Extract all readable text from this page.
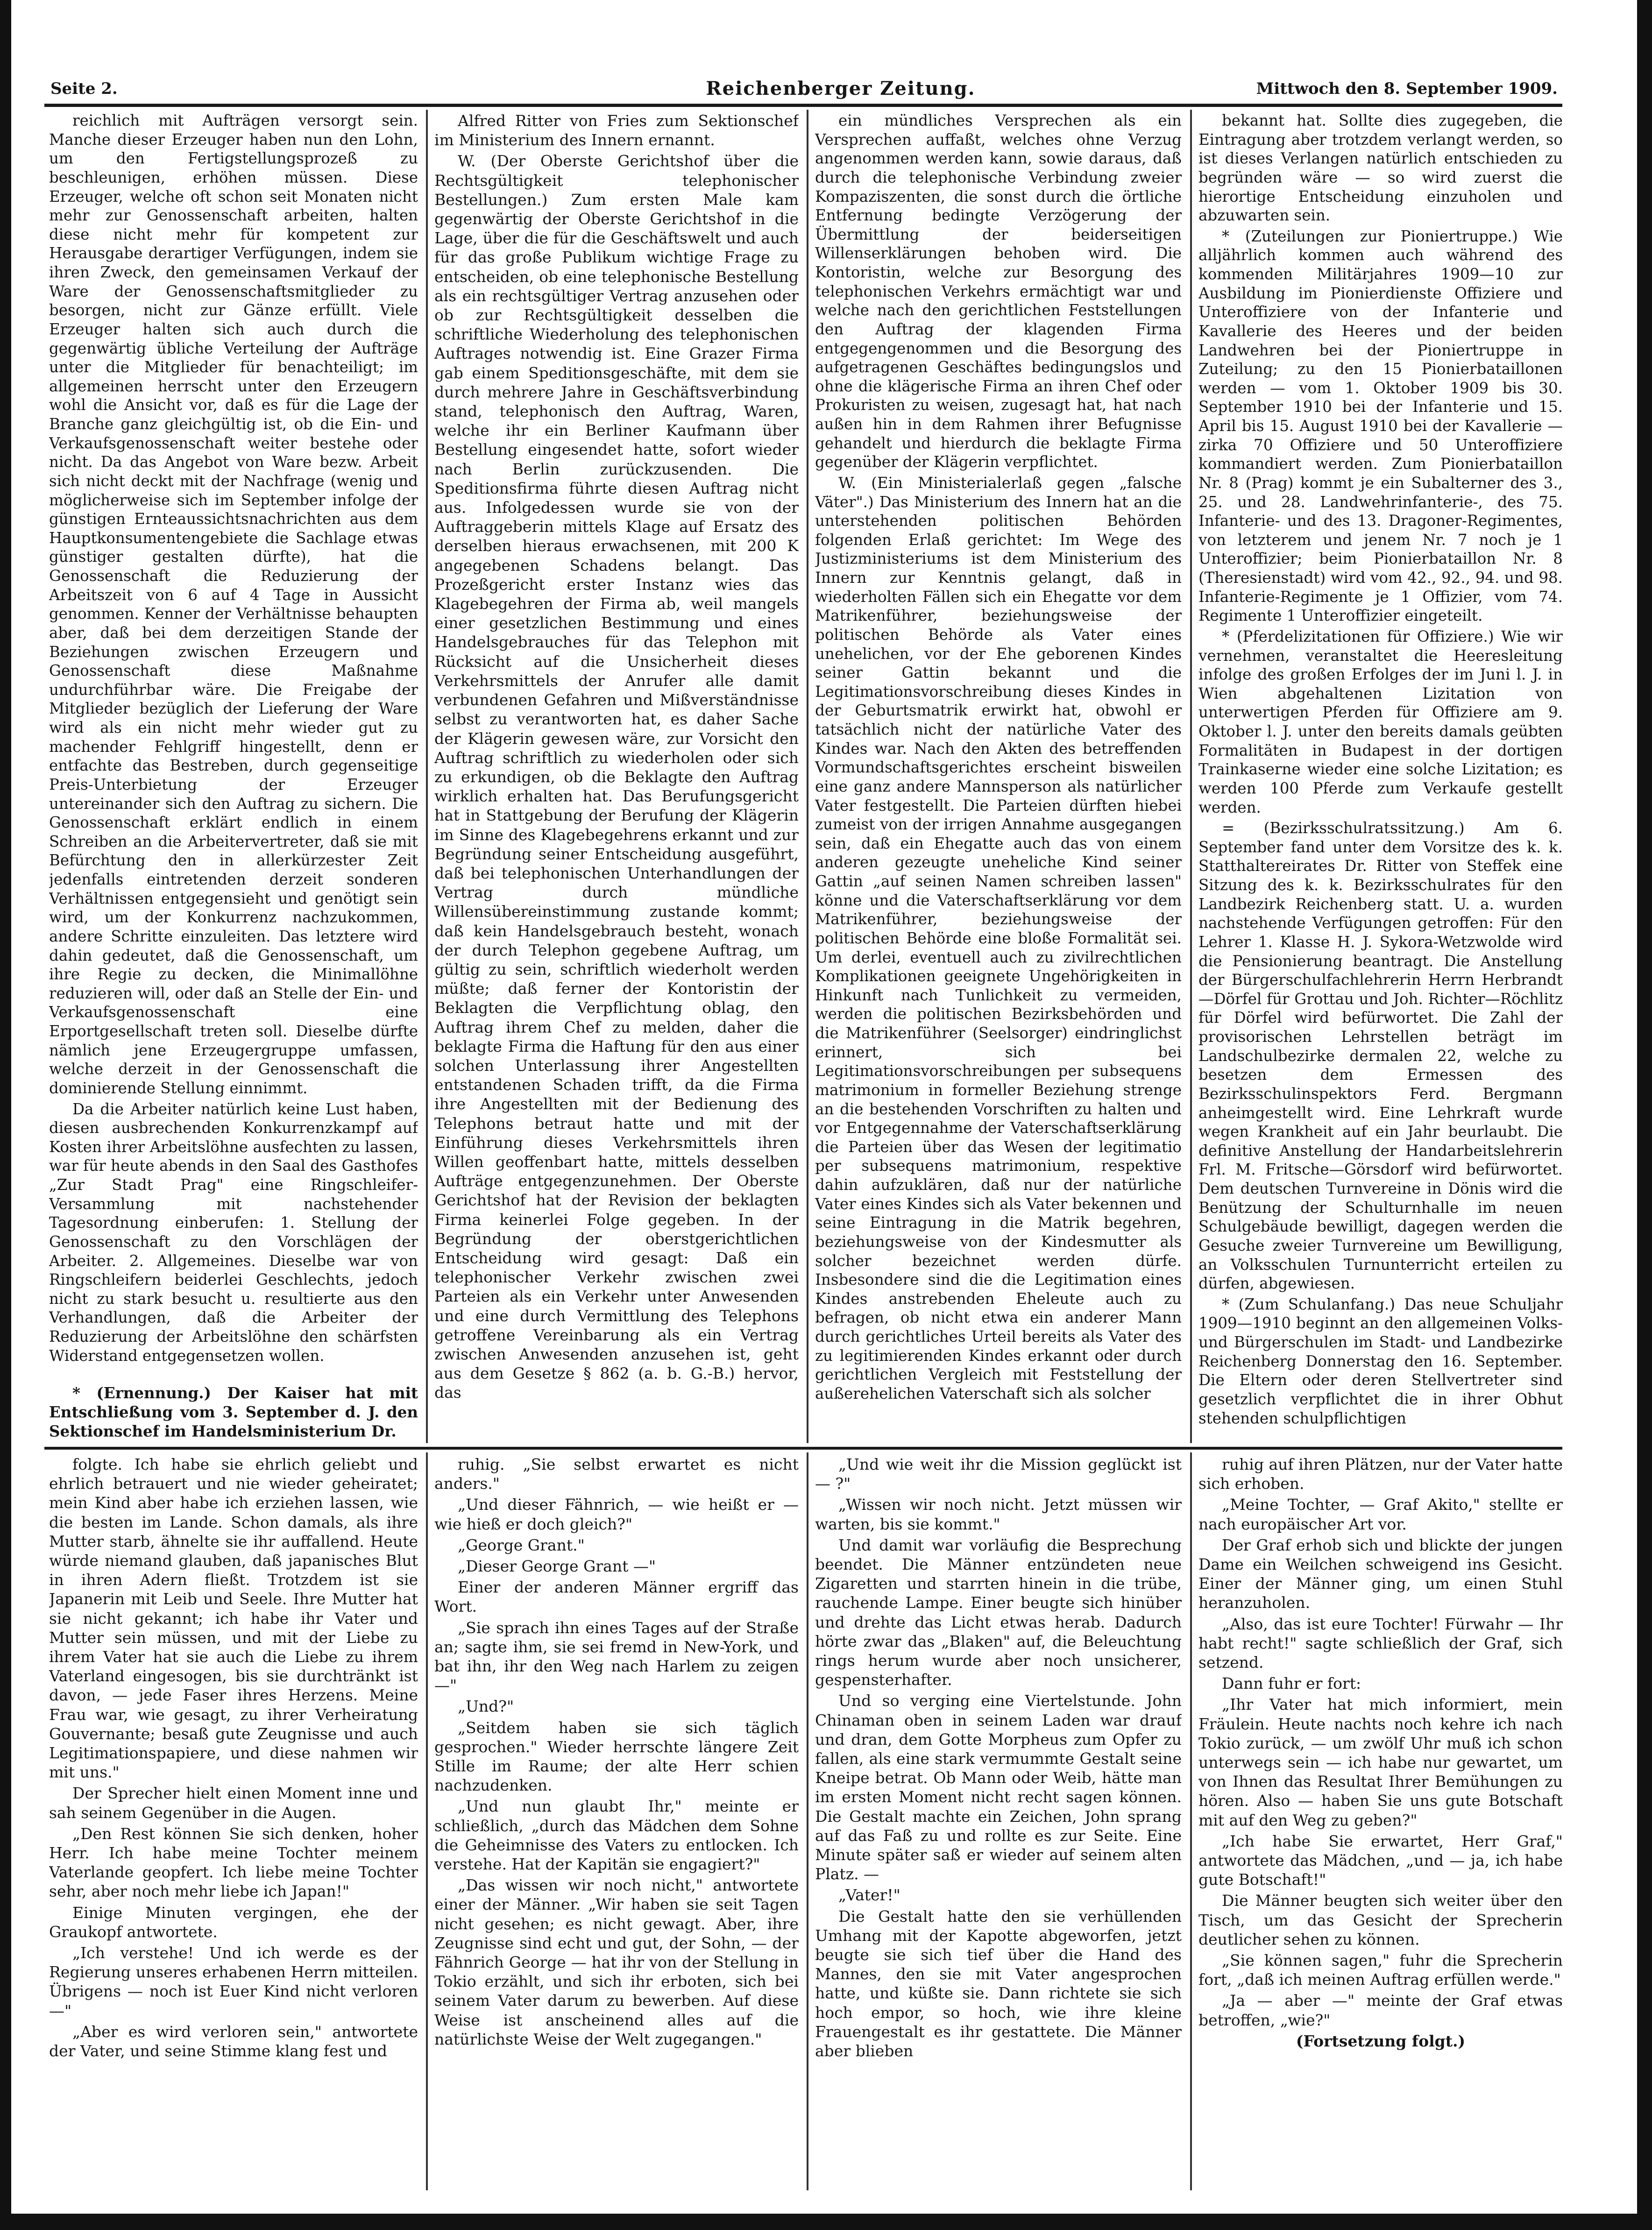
Seite 2.	Reichenberger Zeitung.	Mittwoch den 8. September 1909.

reichlich mit Aufträgen versorgt sein. Manche dieser Erzeuger haben nun den Lohn, um den Fertigstellungsprozeß zu beschleunigen, erhöhen müssen. Diese Erzeuger, welche oft schon seit Monaten nicht mehr zur Genossenschaft arbeiten, halten diese nicht mehr für kompetent zur Herausgabe derartiger Verfügungen, indem sie ihren Zweck, den gemeinsamen Verkauf der Ware der Genossenschaftsmitglieder zu besorgen, nicht zur Gänze erfüllt. Viele Erzeuger halten sich auch durch die gegenwärtig übliche Verteilung der Aufträge unter die Mitglieder für benachteiligt; im allgemeinen herrscht unter den Erzeugern wohl die Ansicht vor, daß es für die Lage der Branche ganz gleichgültig ist, ob die Ein- und Verkaufsgenossenschaft weiter bestehe oder nicht. Da das Angebot von Ware bezw. Arbeit sich nicht deckt mit der Nachfrage (wenig und möglicherweise sich im September infolge der günstigen Ernteaussichtsnachrichten aus dem Hauptkonsumentengebiete die Sachlage etwas günstiger gestalten dürfte), hat die Genossenschaft die Reduzierung der Arbeitszeit von 6 auf 4 Tage in Aussicht genommen. Kenner der Verhältnisse behaupten aber, daß bei dem derzeitigen Stande der Beziehungen zwischen Erzeugern und Genossenschaft diese Maßnahme undurchführbar wäre. Die Freigabe der Mitglieder bezüglich der Lieferung der Ware wird als ein nicht mehr wieder gut zu machender Fehlgriff hingestellt, denn er entfachte das Bestreben, durch gegenseitige Preis-Unterbietung der Erzeuger untereinander sich den Auftrag zu sichern. Die Genossenschaft erklärt endlich in einem Schreiben an die Arbeitervertreter, daß sie mit Befürchtung den in allerkürzester Zeit jedenfalls eintretenden derzeit sonderen Verhältnissen entgegensieht und genötigt sein wird, um der Konkurrenz nachzukommen, andere Schritte einzuleiten. Das letztere wird dahin gedeutet, daß die Genossenschaft, um ihre Regie zu decken, die Minimallöhne reduzieren will, oder daß an Stelle der Ein- und Verkaufsgenossenschaft eine Erportgesellschaft treten soll. Dieselbe dürfte nämlich jene Erzeugergruppe umfassen, welche derzeit in der Genossenschaft die dominierende Stellung einnimmt.

Da die Arbeiter natürlich keine Lust haben, diesen ausbrechenden Konkurrenzkampf auf Kosten ihrer Arbeitslöhne ausfechten zu lassen, war für heute abends in den Saal des Gasthofes „Zur Stadt Prag" eine Ringschleifer-Versammlung mit nachstehender Tagesordnung einberufen: 1. Stellung der Genossenschaft zu den Vorschlägen der Arbeiter. 2. Allgemeines. Dieselbe war von Ringschleifern beiderlei Geschlechts, jedoch nicht zu stark besucht u. resultierte aus den Verhandlungen, daß die Arbeiter der Reduzierung der Arbeitslöhne den schärfsten Widerstand entgegensetzen wollen.

* (Ernennung.) Der Kaiser hat mit Entschließung vom 3. September d. J. den Sektionschef im Handelsministerium Dr.

Alfred Ritter von Fries zum Sektionschef im Ministerium des Innern ernannt.

W. (Der Oberste Gerichtshof über die Rechtsgültigkeit telephonischer Bestellungen.) Zum ersten Male kam gegenwärtig der Oberste Gerichtshof in die Lage, über die für die Geschäftswelt und auch für das große Publikum wichtige Frage zu entscheiden, ob eine telephonische Bestellung als ein rechtsgültiger Vertrag anzusehen oder ob zur Rechtsgültigkeit desselben die schriftliche Wiederholung des telephonischen Auftrages notwendig ist. Eine Grazer Firma gab einem Speditionsgeschäfte, mit dem sie durch mehrere Jahre in Geschäftsverbindung stand, telephonisch den Auftrag, Waren, welche ihr ein Berliner Kaufmann über Bestellung eingesendet hatte, sofort wieder nach Berlin zurückzusenden. Die Speditionsfirma führte diesen Auftrag nicht aus. Infolgedessen wurde sie von der Auftraggeberin mittels Klage auf Ersatz des derselben hieraus erwachsenen, mit 200 K angegebenen Schadens belangt. Das Prozeßgericht erster Instanz wies das Klagebegehren der Firma ab, weil mangels einer gesetzlichen Bestimmung und eines Handelsgebrauches für das Telephon mit Rücksicht auf die Unsicherheit dieses Verkehrsmittels der Anrufer alle damit verbundenen Gefahren und Mißverständnisse selbst zu verantworten hat, es daher Sache der Klägerin gewesen wäre, zur Vorsicht den Auftrag schriftlich zu wiederholen oder sich zu erkundigen, ob die Beklagte den Auftrag wirklich erhalten hat. Das Berufungsgericht hat in Stattgebung der Berufung der Klägerin im Sinne des Klagebegehrens erkannt und zur Begründung seiner Entscheidung ausgeführt, daß bei telephonischen Unterhandlungen der Vertrag durch mündliche Willensübereinstimmung zustande kommt; daß kein Handelsgebrauch besteht, wonach der durch Telephon gegebene Auftrag, um gültig zu sein, schriftlich wiederholt werden müßte; daß ferner der Kontoristin der Beklagten die Verpflichtung oblag, den Auftrag ihrem Chef zu melden, daher die beklagte Firma die Haftung für den aus einer solchen Unterlassung ihrer Angestellten entstandenen Schaden trifft, da die Firma ihre Angestellten mit der Bedienung des Telephons betraut hatte und mit der Einführung dieses Verkehrsmittels ihren Willen geoffenbart hatte, mittels desselben Aufträge entgegenzunehmen. Der Oberste Gerichtshof hat der Revision der beklagten Firma keinerlei Folge gegeben. In der Begründung der oberstgerichtlichen Entscheidung wird gesagt: Daß ein telephonischer Verkehr zwischen zwei Parteien als ein Verkehr unter Anwesenden und eine durch Vermittlung des Telephons getroffene Vereinbarung als ein Vertrag zwischen Anwesenden anzusehen ist, geht aus dem Gesetze § 862 (a. b. G.-B.) hervor, das

ein mündliches Versprechen als ein Versprechen auffaßt, welches ohne Verzug angenommen werden kann, sowie daraus, daß durch die telephonische Verbindung zweier Kompaziszenten, die sonst durch die örtliche Entfernung bedingte Verzögerung der Übermittlung der beiderseitigen Willenserklärungen behoben wird. Die Kontoristin, welche zur Besorgung des telephonischen Verkehrs ermächtigt war und welche nach den gerichtlichen Feststellungen den Auftrag der klagenden Firma entgegengenommen und die Besorgung des aufgetragenen Geschäftes bedingungslos und ohne die klägerische Firma an ihren Chef oder Prokuristen zu weisen, zugesagt hat, hat nach außen hin in dem Rahmen ihrer Befugnisse gehandelt und hierdurch die beklagte Firma gegenüber der Klägerin verpflichtet.

W. (Ein Ministerialerlaß gegen „falsche Väter".) Das Ministerium des Innern hat an die unterstehenden politischen Behörden folgenden Erlaß gerichtet: Im Wege des Justizministeriums ist dem Ministerium des Innern zur Kenntnis gelangt, daß in wiederholten Fällen sich ein Ehegatte vor dem Matrikenführer, beziehungsweise der politischen Behörde als Vater eines unehelichen, vor der Ehe geborenen Kindes seiner Gattin bekannt und die Legitimationsvorschreibung dieses Kindes in der Geburtsmatrik erwirkt hat, obwohl er tatsächlich nicht der natürliche Vater des Kindes war. Nach den Akten des betreffenden Vormundschaftsgerichtes erscheint bisweilen eine ganz andere Mannsperson als natürlicher Vater festgestellt. Die Parteien dürften hiebei zumeist von der irrigen Annahme ausgegangen sein, daß ein Ehegatte auch das von einem anderen gezeugte uneheliche Kind seiner Gattin „auf seinen Namen schreiben lassen" könne und die Vaterschaftserklärung vor dem Matrikenführer, beziehungsweise der politischen Behörde eine bloße Formalität sei. Um derlei, eventuell auch zu zivilrechtlichen Komplikationen geeignete Ungehörigkeiten in Hinkunft nach Tunlichkeit zu vermeiden, werden die politischen Bezirksbehörden und die Matrikenführer (Seelsorger) eindringlichst erinnert, sich bei Legitimationsvorschreibungen per subsequens matrimonium in formeller Beziehung strenge an die bestehenden Vorschriften zu halten und vor Entgegennahme der Vaterschaftserklärung die Parteien über das Wesen der legitimatio per subsequens matrimonium, respektive dahin aufzuklären, daß nur der natürliche Vater eines Kindes sich als Vater bekennen und seine Eintragung in die Matrik begehren, beziehungsweise von der Kindesmutter als solcher bezeichnet werden dürfe. Insbesondere sind die die Legitimation eines Kindes anstrebenden Eheleute auch zu befragen, ob nicht etwa ein anderer Mann durch gerichtliches Urteil bereits als Vater des zu legitimierenden Kindes erkannt oder durch gerichtlichen Vergleich mit Feststellung der außerehelichen Vaterschaft sich als solcher

bekannt hat. Sollte dies zugegeben, die Eintragung aber trotzdem verlangt werden, so ist dieses Verlangen natürlich entschieden zu begründen wäre — so wird zuerst die hierortige Entscheidung einzuholen und abzuwarten sein.

* (Zuteilungen zur Pioniertruppe.) Wie alljährlich kommen auch während des kommenden Militärjahres 1909—10 zur Ausbildung im Pionierdienste Offiziere und Unteroffiziere von der Infanterie und Kavallerie des Heeres und der beiden Landwehren bei der Pioniertruppe in Zuteilung; zu den 15 Pionierbataillonen werden — vom 1. Oktober 1909 bis 30. September 1910 bei der Infanterie und 15. April bis 15. August 1910 bei der Kavallerie — zirka 70 Offiziere und 50 Unteroffiziere kommandiert werden. Zum Pionierbataillon Nr. 8 (Prag) kommt je ein Subalterner des 3., 25. und 28. Landwehrinfanterie-, des 75. Infanterie- und des 13. Dragoner-Regimentes, von letzterem und jenem Nr. 7 noch je 1 Unteroffizier; beim Pionierbataillon Nr. 8 (Theresienstadt) wird vom 42., 92., 94. und 98. Infanterie-Regimente je 1 Offizier, vom 74. Regimente 1 Unteroffizier eingeteilt.

* (Pferdelizitationen für Offiziere.) Wie wir vernehmen, veranstaltet die Heeresleitung infolge des großen Erfolges der im Juni l. J. in Wien abgehaltenen Lizitation von unterwertigen Pferden für Offiziere am 9. Oktober l. J. unter den bereits damals geübten Formalitäten in Budapest in der dortigen Trainkaserne wieder eine solche Lizitation; es werden 100 Pferde zum Verkaufe gestellt werden.

= (Bezirksschulratssitzung.) Am 6. September fand unter dem Vorsitze des k. k. Statthaltereirates Dr. Ritter von Steffek eine Sitzung des k. k. Bezirksschulrates für den Landbezirk Reichenberg statt. U. a. wurden nachstehende Verfügungen getroffen: Für den Lehrer 1. Klasse H. J. Sykora-Wetzwolde wird die Pensionierung beantragt. Die Anstellung der Bürgerschulfachlehrerin Herrn Herbrandt—Dörfel für Grottau und Joh. Richter—Röchlitz für Dörfel wird befürwortet. Die Zahl der provisorischen Lehrstellen beträgt im Landschulbezirke dermalen 22, welche zu besetzen dem Ermessen des Bezirksschulinspektors Ferd. Bergmann anheimgestellt wird. Eine Lehrkraft wurde wegen Krankheit auf ein Jahr beurlaubt. Die definitive Anstellung der Handarbeitslehrerin Frl. M. Fritsche—Görsdorf wird befürwortet. Dem deutschen Turnvereine in Dönis wird die Benützung der Schulturnhalle im neuen Schulgebäude bewilligt, dagegen werden die Gesuche zweier Turnvereine um Bewilligung, an Volksschulen Turnunterricht erteilen zu dürfen, abgewiesen.

* (Zum Schulanfang.) Das neue Schuljahr 1909—1910 beginnt an den allgemeinen Volks- und Bürgerschulen im Stadt- und Landbezirke Reichenberg Donnerstag den 16. September. Die Eltern oder deren Stellvertreter sind gesetzlich verpflichtet die in ihrer Obhut stehenden schulpflichtigen

folgte. Ich habe sie ehrlich geliebt und ehrlich betrauert und nie wieder geheiratet; mein Kind aber habe ich erziehen lassen, wie die besten im Lande. Schon damals, als ihre Mutter starb, ähnelte sie ihr auffallend. Heute würde niemand glauben, daß japanisches Blut in ihren Adern fließt. Trotzdem ist sie Japanerin mit Leib und Seele. Ihre Mutter hat sie nicht gekannt; ich habe ihr Vater und Mutter sein müssen, und mit der Liebe zu ihrem Vater hat sie auch die Liebe zu ihrem Vaterland eingesogen, bis sie durchtränkt ist davon, — jede Faser ihres Herzens. Meine Frau war, wie gesagt, zu ihrer Verheiratung Gouvernante; besaß gute Zeugnisse und auch Legitimationspapiere, und diese nahmen wir mit uns."

Der Sprecher hielt einen Moment inne und sah seinem Gegenüber in die Augen.

„Den Rest können Sie sich denken, hoher Herr. Ich habe meine Tochter meinem Vaterlande geopfert. Ich liebe meine Tochter sehr, aber noch mehr liebe ich Japan!"

Einige Minuten vergingen, ehe der Graukopf antwortete.

„Ich verstehe! Und ich werde es der Regierung unseres erhabenen Herrn mitteilen. Übrigens — noch ist Euer Kind nicht verloren —"

„Aber es wird verloren sein," antwortete der Vater, und seine Stimme klang fest und

ruhig. „Sie selbst erwartet es nicht anders."

„Und dieser Fähnrich, — wie heißt er — wie hieß er doch gleich?"

„George Grant."

„Dieser George Grant —"

Einer der anderen Männer ergriff das Wort.

„Sie sprach ihn eines Tages auf der Straße an; sagte ihm, sie sei fremd in New-York, und bat ihn, ihr den Weg nach Harlem zu zeigen —"

„Und?"

„Seitdem haben sie sich täglich gesprochen." Wieder herrschte längere Zeit Stille im Raume; der alte Herr schien nachzudenken.

„Und nun glaubt Ihr," meinte er schließlich, „durch das Mädchen dem Sohne die Geheimnisse des Vaters zu entlocken. Ich verstehe. Hat der Kapitän sie engagiert?"

„Das wissen wir noch nicht," antwortete einer der Männer. „Wir haben sie seit Tagen nicht gesehen; es nicht gewagt. Aber, ihre Zeugnisse sind echt und gut, der Sohn, — der Fähnrich George — hat ihr von der Stellung in Tokio erzählt, und sich ihr erboten, sich bei seinem Vater darum zu bewerben. Auf diese Weise ist anscheinend alles auf die natürlichste Weise der Welt zugegangen."

„Und wie weit ihr die Mission geglückt ist — ?"

„Wissen wir noch nicht. Jetzt müssen wir warten, bis sie kommt."

Und damit war vorläufig die Besprechung beendet. Die Männer entzündeten neue Zigaretten und starrten hinein in die trübe, rauchende Lampe. Einer beugte sich hinüber und drehte das Licht etwas herab. Dadurch hörte zwar das „Blaken" auf, die Beleuchtung rings herum wurde aber noch unsicherer, gespensterhafter.

Und so verging eine Viertelstunde. John Chinaman oben in seinem Laden war drauf und dran, dem Gotte Morpheus zum Opfer zu fallen, als eine stark vermummte Gestalt seine Kneipe betrat. Ob Mann oder Weib, hätte man im ersten Moment nicht recht sagen können. Die Gestalt machte ein Zeichen, John sprang auf das Faß zu und rollte es zur Seite. Eine Minute später saß er wieder auf seinem alten Platz. —

„Vater!"

Die Gestalt hatte den sie verhüllenden Umhang mit der Kapotte abgeworfen, jetzt beugte sie sich tief über die Hand des Mannes, den sie mit Vater angesprochen hatte, und küßte sie. Dann richtete sie sich hoch empor, so hoch, wie ihre kleine Frauengestalt es ihr gestattete. Die Männer aber blieben

ruhig auf ihren Plätzen, nur der Vater hatte sich erhoben.

„Meine Tochter, — Graf Akito," stellte er nach europäischer Art vor.

Der Graf erhob sich und blickte der jungen Dame ein Weilchen schweigend ins Gesicht. Einer der Männer ging, um einen Stuhl heranzuholen.

„Also, das ist eure Tochter! Fürwahr — Ihr habt recht!" sagte schließlich der Graf, sich setzend.

Dann fuhr er fort:

„Ihr Vater hat mich informiert, mein Fräulein. Heute nachts noch kehre ich nach Tokio zurück, — um zwölf Uhr muß ich schon unterwegs sein — ich habe nur gewartet, um von Ihnen das Resultat Ihrer Bemühungen zu hören. Also — haben Sie uns gute Botschaft mit auf den Weg zu geben?"

„Ich habe Sie erwartet, Herr Graf," antwortete das Mädchen, „und — ja, ich habe gute Botschaft!"

Die Männer beugten sich weiter über den Tisch, um das Gesicht der Sprecherin deutlicher sehen zu können.

„Sie können sagen," fuhr die Sprecherin fort, „daß ich meinen Auftrag erfüllen werde."

„Ja — aber —" meinte der Graf etwas betroffen, „wie?"

(Fortsetzung folgt.)
